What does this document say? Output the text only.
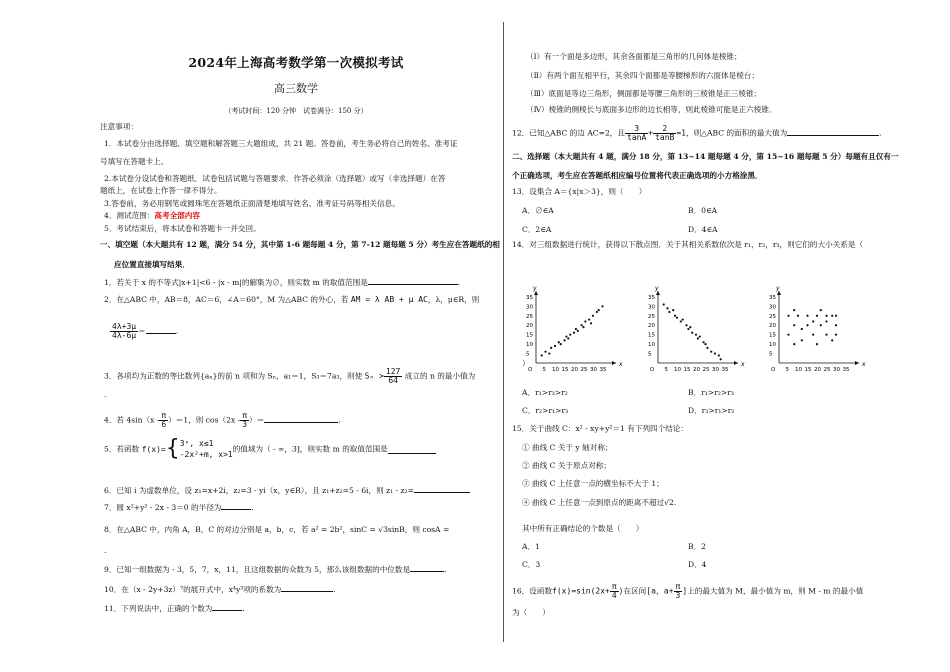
2024年上海高考数学第一次模拟考试
高三数学
（考试时间：120 分钟　试卷满分：150 分）
注意事项：
1．本试卷分由选择题、填空题和解答题三大题组成，共 21 题。答卷前，考生务必将自己的姓名、准考证
号填写在答题卡上。
2.本试卷分设试卷和答题纸．试卷包括试题与答题要求．作答必须涂（选择题）或写（非选择题）在答
题纸上，在试卷上作答一律不得分。
3.答卷前，务必用钢笔或圆珠笔在答题纸正面清楚地填写姓名、准考证号码等相关信息。
4．测试范围：高考全部内容
5．考试结束后，将本试卷和答题卡一并交回。
一、填空题（本大题共有 12 题，满分 54 分，其中第 1-6 题每题 4 分，第 7-12 题每题 5 分）考生应在答题纸的相
应位置直接填写结果．
1．若关于 x 的不等式|x+1|<6 - |x - m|的解集为∅，则实数 m 的取值范围是	.
2．在△ABC 中，AB＝8，AC＝6，∠A＝60°，M 为△ABC 的外心，若 AM = λ AB + μ AC，λ，μ∈R，则
$\frac{4\lambda+3\mu}{4\lambda-6\mu}$ ＝	.
3．各项均为正数的等比数列{aₙ}的前 n 项和为 Sₙ，a₁＝1，S₃＝7a₃，则使 $S_n > \frac{127}{64}$ 成立的 n 的最小值为
.
4．若 $4\sin(x - \frac{\pi}{6} )=1$，则 $\cos(2x - \frac{\pi}{3}$ ）＝	.
5．若函数 f(x)={ 3ˣ, x≤1
-2x²+m, x>1
的值域为（ - ∞，3]，则实数 m 的取值范围是
6．已知 i 为虚数单位，设 z₁=x+2i，z₂=3 - yi（x，y∈R），且 z₁+z₂=5 - 6i，则 z₁ - z₂=
7．圆 x²+y² - 2x - 3＝0 的半径为	.
8．在△ABC 中，内角 A，B，C 的对边分别是 a，b，c，若 a² = 2b²，sinC = √3sinB，则 cosA =
.
9．已知一组数据为 - 3，5，7，x，11，且这组数据的众数为 5，那么该组数据的中位数是	.
10．在（x - 2y+3z）⁷的展开式中，x⁴y³项的系数为	.
11．下列说法中，正确的个数为	.
（Ⅰ）有一个面是多边形，其余各面都是三角形的几何体是棱锥；
（Ⅱ）有两个面互相平行，其余四个面都是等腰梯形的六面体是棱台；
（Ⅲ）底面是等边三角形，侧面都是等腰三角形的三棱锥是正三棱锥；
（Ⅳ）棱锥的侧棱长与底面多边形的边长相等，则此棱锥可能是正六棱锥．
12．已知△ABC 的边 AC=2，且 $\frac{3}{\tan A} + \frac{2}{\tan B} =1$，则△ABC 的面积的最大值为	.
二、选择题（本大题共有 4 题，满分 18 分，第 13~14 题每题 4 分，第 15~16 题每题 5 分）每题有且仅有一
个正确选项，考生应在答题纸相应编号位置将代表正确选项的小方格涂黑．
13．设集合 A＝{x|x＞3}，则（　　）
A．∅∈A	B．0∈A
C．2∈A	D．4∈A
14．对三组数据进行统计，获得以下散点图．关于其相关系数依次是 r₁，r₂，r₃，则它们的大小关系是（
x
y
O 5 10 15 20 25 30 35
5
10
15
20
25
30
35
x
y
O 5 10 15 20 25 30 35
5
10
15
20
25
30
35
x
y
O 5 10 15 20 25 30 35
5
10
15
20
25
30
35
）
A．r₁>r₃>r₂	B．r₁>r₂>r₃
C．r₂>r₁>r₃	D．r₃>r₁>r₂
15．关于曲线 C：x² - xy+y²＝1 有下列四个结论：
① 曲线 C 关于 y 轴对称；
② 曲线 C 关于原点对称；
③ 曲线 C 上任意一点的横坐标不大于 1；
④ 曲线 C 上任意一点到原点的距离不超过√2.
其中所有正确结论的个数是（　　）
A．1	B．2
C．3	D．4
16．设函数$f(x)=\sin(2x+ \frac{\pi}{4}$ )在区间[a，$a+ \frac{\pi}{3}$ ]上的最大值为 M，最小值为 m，则 M - m 的最小值
为（　　）
